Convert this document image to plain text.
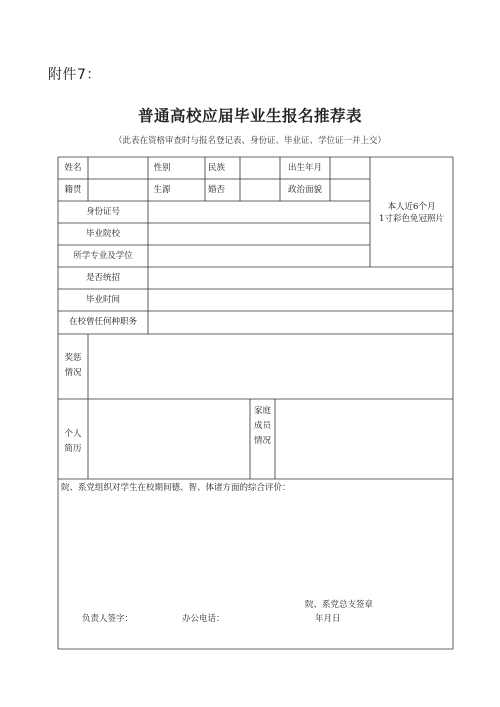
附件7：
普通高校应届毕业生报名推荐表
（此表在资格审查时与报名登记表、身份证、毕业证、学位证一并上交）
姓名	性别	民族	出生年月
籍贯	生源	婚否	政治面貌
本人近6个月
1寸彩色免冠照片
身份证号
毕业院校
所学专业及学位
是否统招
毕业时间
在校曾任何种职务
奖惩
情况
个人
简历
家庭
成员
情况
院、系党组织对学生在校期间德、智、体诸方面的综合评价：
院、系党总支签章
负责人签字：	办公电话：	年月日
